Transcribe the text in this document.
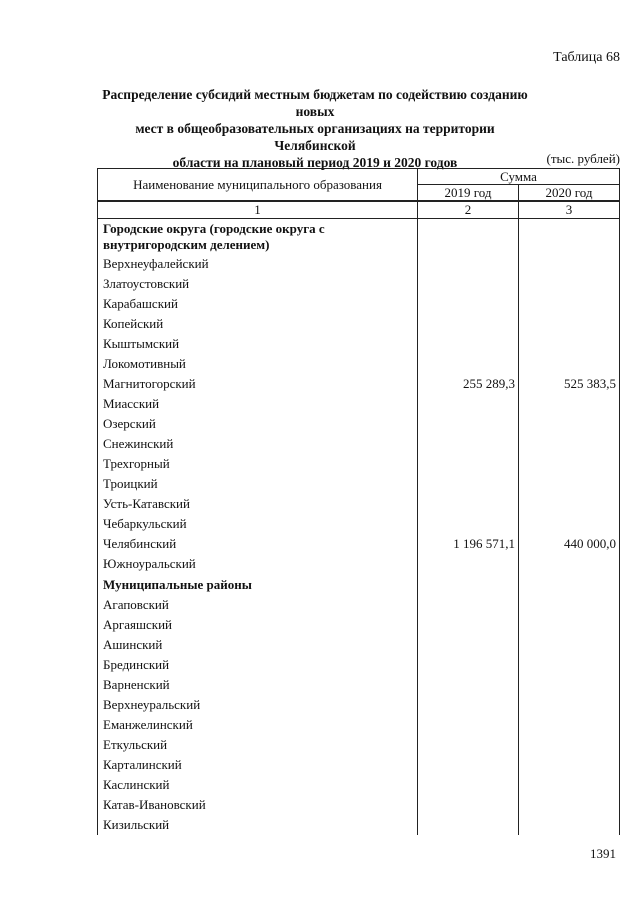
Таблица 68
Распределение субсидий местным бюджетам по содействию созданию новых
мест в общеобразовательных организациях на территории Челябинской
области на плановый период 2019 и 2020 годов	(тыс. рублей)
Наименование муниципального образования	Сумма	
	2019 год	2020 год
1	2	3
Городские округа (городские округа с внутригородским делением)		
Верхнеуфалейский		
Златоустовский		
Карабашский		
Копейский		
Кыштымский		
Локомотивный		
Магнитогорский	255 289,3	525 383,5
Миасский		
Озерский		
Снежинский		
Трехгорный		
Троицкий		
Усть-Катавский		
Чебаркульский		
Челябинский	1 196 571,1	440 000,0
Южноуральский		
Муниципальные районы		
Агаповский		
Аргаяшский		
Ашинский		
Брединский		
Варненский		
Верхнеуральский		
Еманжелинский		
Еткульский		
Карталинский		
Каслинский		
Катав-Ивановский		
Кизильский		
1391
